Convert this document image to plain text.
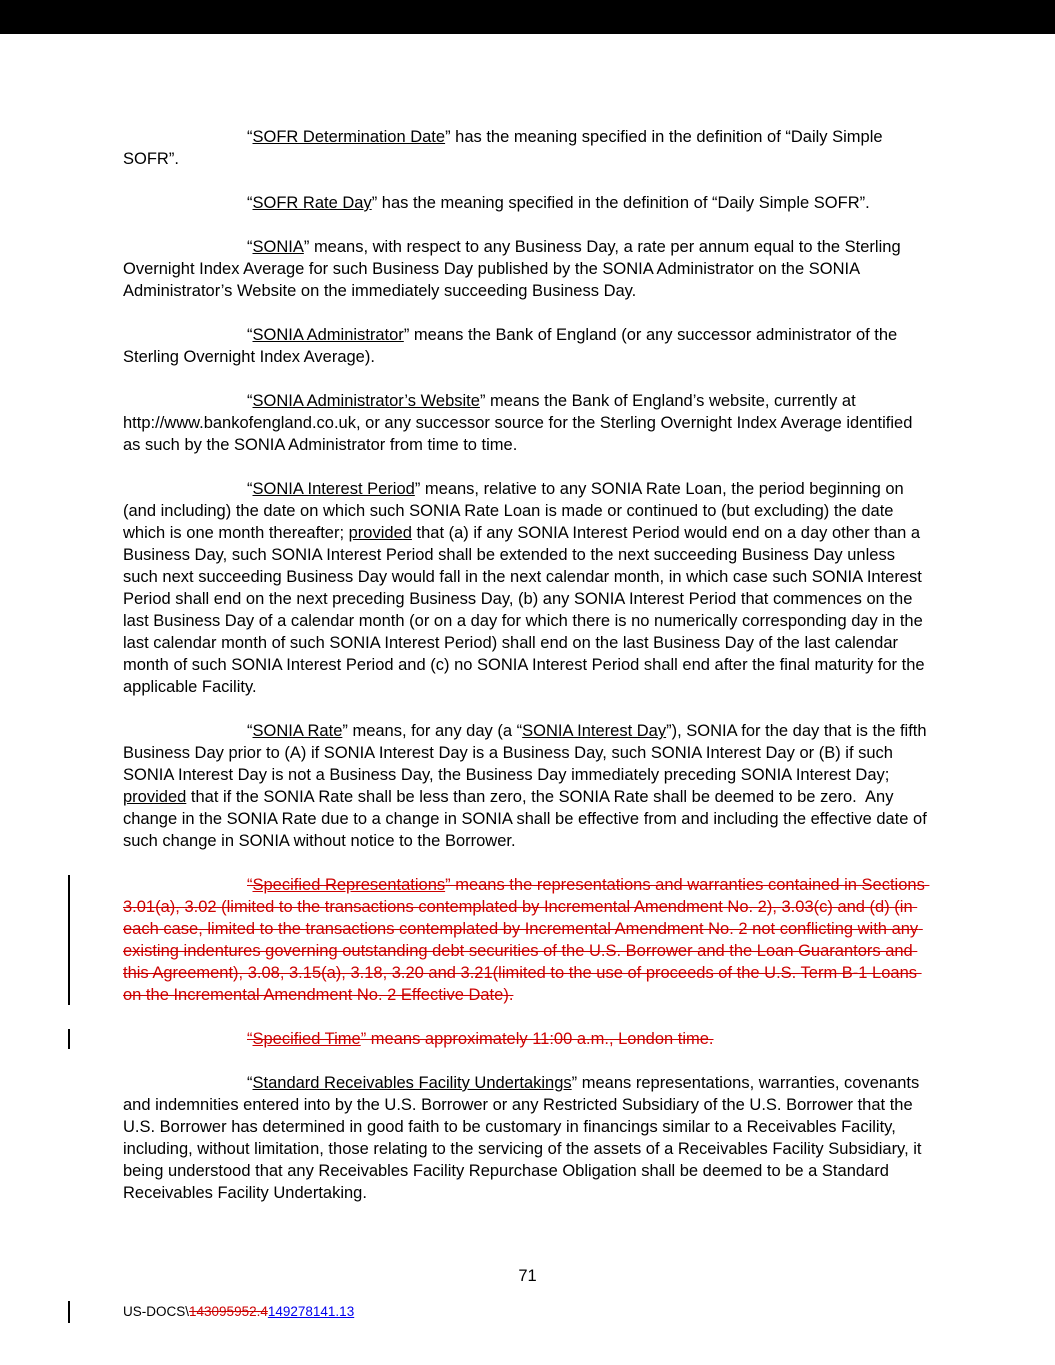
“SOFR Determination Date” has the meaning specified in the definition of “Daily Simple SOFR”.

“SOFR Rate Day” has the meaning specified in the definition of “Daily Simple SOFR”.

“SONIA” means, with respect to any Business Day, a rate per annum equal to the Sterling Overnight Index Average for such Business Day published by the SONIA Administrator on the SONIA Administrator’s Website on the immediately succeeding Business Day.

“SONIA Administrator” means the Bank of England (or any successor administrator of the Sterling Overnight Index Average).

“SONIA Administrator’s Website” means the Bank of England’s website, currently at http://www.bankofengland.co.uk, or any successor source for the Sterling Overnight Index Average identified as such by the SONIA Administrator from time to time.

“SONIA Interest Period” means, relative to any SONIA Rate Loan, the period beginning on (and including) the date on which such SONIA Rate Loan is made or continued to (but excluding) the date which is one month thereafter; provided that (a) if any SONIA Interest Period would end on a day other than a Business Day, such SONIA Interest Period shall be extended to the next succeeding Business Day unless such next succeeding Business Day would fall in the next calendar month, in which case such SONIA Interest Period shall end on the next preceding Business Day, (b) any SONIA Interest Period that commences on the last Business Day of a calendar month (or on a day for which there is no numerically corresponding day in the last calendar month of such SONIA Interest Period) shall end on the last Business Day of the last calendar month of such SONIA Interest Period and (c) no SONIA Interest Period shall end after the final maturity for the applicable Facility.

“SONIA Rate” means, for any day (a “SONIA Interest Day”), SONIA for the day that is the fifth Business Day prior to (A) if SONIA Interest Day is a Business Day, such SONIA Interest Day or (B) if such SONIA Interest Day is not a Business Day, the Business Day immediately preceding SONIA Interest Day; provided that if the SONIA Rate shall be less than zero, the SONIA Rate shall be deemed to be zero.  Any change in the SONIA Rate due to a change in SONIA shall be effective from and including the effective date of such change in SONIA without notice to the Borrower.

“Specified Representations” means the representations and warranties contained in Sections 3.01(a), 3.02 (limited to the transactions contemplated by Incremental Amendment No. 2), 3.03(c) and (d) (in each case, limited to the transactions contemplated by Incremental Amendment No. 2 not conflicting with any existing indentures governing outstanding debt securities of the U.S. Borrower and the Loan Guarantors and this Agreement), 3.08, 3.15(a), 3.18, 3.20 and 3.21(limited to the use of proceeds of the U.S. Term B-1 Loans on the Incremental Amendment No. 2 Effective Date).

“Specified Time” means approximately 11:00 a.m., London time.

“Standard Receivables Facility Undertakings” means representations, warranties, covenants and indemnities entered into by the U.S. Borrower or any Restricted Subsidiary of the U.S. Borrower that the U.S. Borrower has determined in good faith to be customary in financings similar to a Receivables Facility, including, without limitation, those relating to the servicing of the assets of a Receivables Facility Subsidiary, it being understood that any Receivables Facility Repurchase Obligation shall be deemed to be a Standard Receivables Facility Undertaking.

71
US-DOCS\143095952.4149278141.13
